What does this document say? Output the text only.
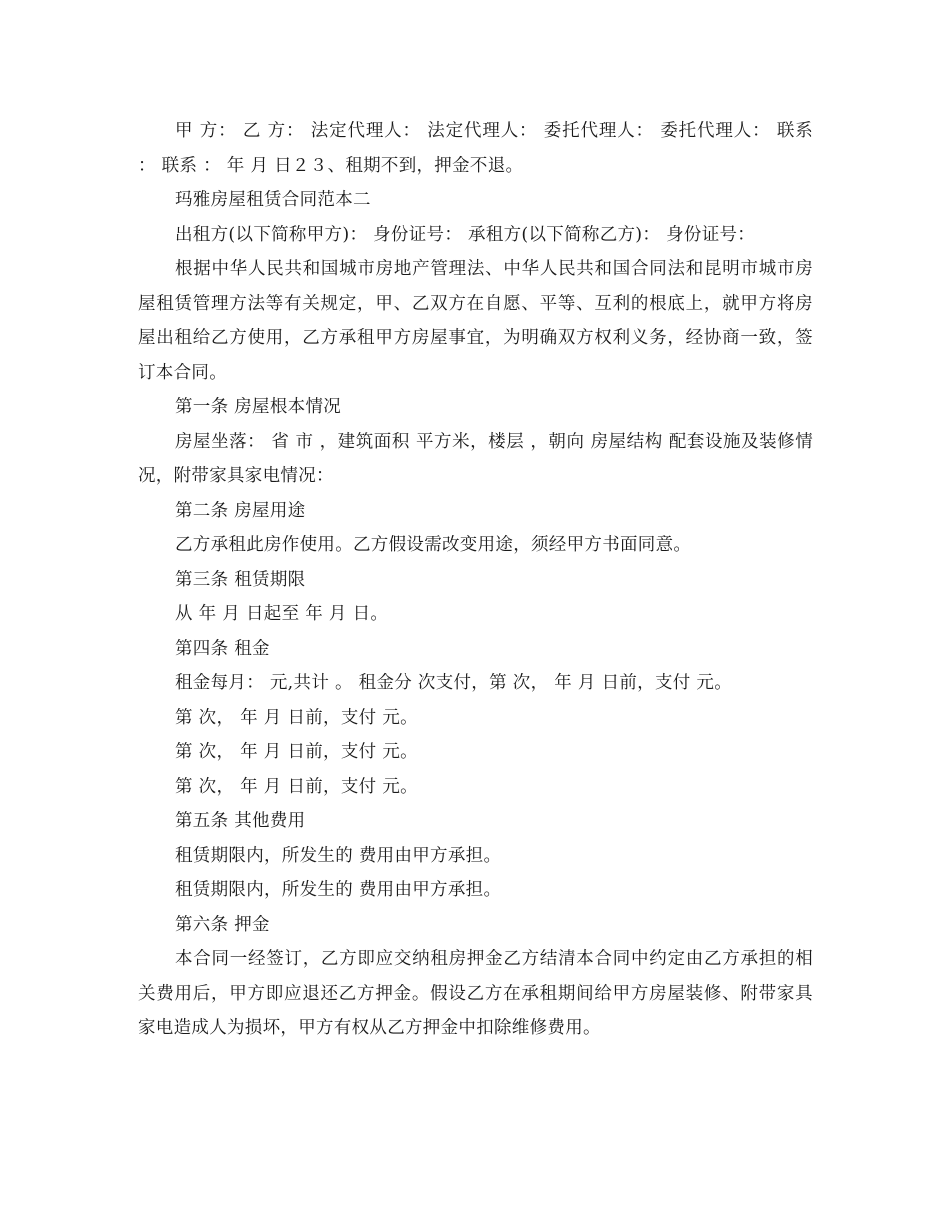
甲 方： 乙 方： 法定代理人： 法定代理人： 委托代理人： 委托代理人： 联系 ： 联系 ： 年 月 日２３、租期不到，押金不退。

玛雅房屋租赁合同范本二

出租方(以下简称甲方)： 身份证号： 承租方(以下简称乙方)： 身份证号：

根据中华人民共和国城市房地产管理法、中华人民共和国合同法和昆明市城市房屋租赁管理方法等有关规定，甲、乙双方在自愿、平等、互利的根底上，就甲方将房屋出租给乙方使用，乙方承租甲方房屋事宜，为明确双方权利义务，经协商一致，签订本合同。

第一条 房屋根本情况

房屋坐落： 省 市 ，建筑面积 平方米，楼层 ，朝向 房屋结构 配套设施及装修情况，附带家具家电情况：

第二条 房屋用途

乙方承租此房作使用。乙方假设需改变用途，须经甲方书面同意。

第三条 租赁期限

从 年 月 日起至 年 月 日。

第四条 租金

租金每月： 元,共计 。 租金分 次支付，第 次， 年 月 日前，支付 元。

第 次， 年 月 日前，支付 元。

第 次， 年 月 日前，支付 元。

第 次， 年 月 日前，支付 元。

第五条 其他费用

租赁期限内，所发生的 费用由甲方承担。

租赁期限内，所发生的 费用由甲方承担。

第六条 押金

本合同一经签订，乙方即应交纳租房押金乙方结清本合同中约定由乙方承担的相关费用后，甲方即应退还乙方押金。假设乙方在承租期间给甲方房屋装修、附带家具家电造成人为损坏，甲方有权从乙方押金中扣除维修费用。
